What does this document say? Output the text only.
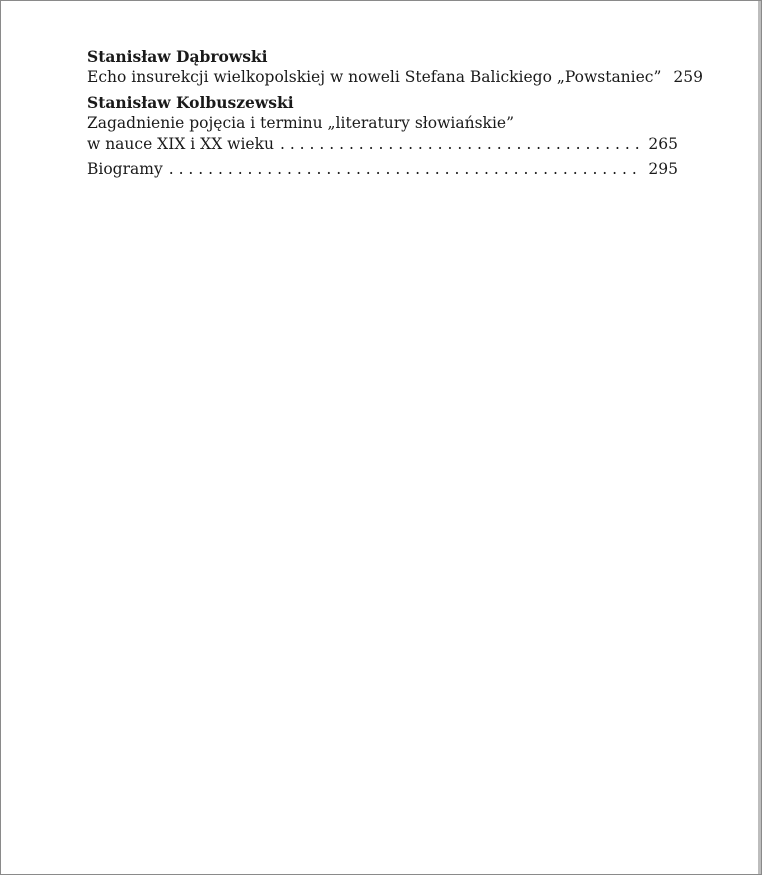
Stanisław Dąbrowski
Echo insurekcji wielkopolskiej w noweli Stefana Balickiego „Powstaniec” 259
Stanisław Kolbuszewski
Zagadnienie pojęcia i terminu „literatury słowiańskie”
w nauce XIX i XX wieku . . .	265
Biogramy . . .	295
